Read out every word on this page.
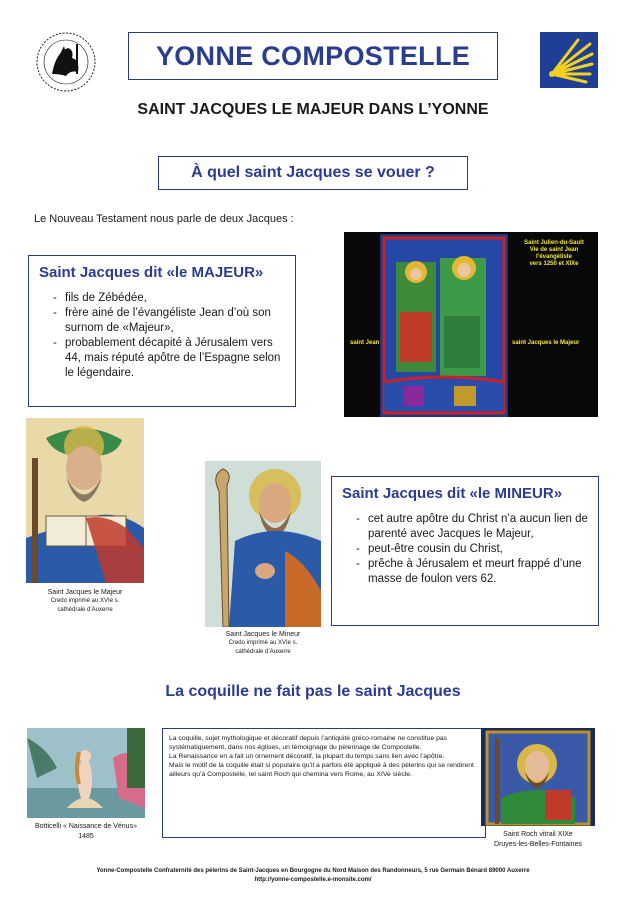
YONNE COMPOSTELLE
SAINT JACQUES LE MAJEUR DANS L’YONNE
À quel saint Jacques se vouer ?
Le Nouveau Testament nous parle de deux Jacques :
Saint Jacques dit «le MAJEUR»
- fils de Zébédée,
- frère ainé de l’évangéliste Jean d’où son surnom de «Majeur»,
- probablement décapité à Jérusalem vers 44, mais réputé apôtre de l’Espagne selon le légendaire.
Saint Julien-du-Sault
Vie de saint Jean l’évangéliste
vers 1250 et XIXe
saint Jean	saint Jacques le Majeur
Saint Jacques le Majeur
Credo imprimé au XVIe s.
cathédrale d’Auxerre
Saint Jacques le Mineur
Credo imprimé au XVIe s.
cathédrale d’Auxerre
Saint Jacques dit «le MINEUR»
- cet autre apôtre du Christ n’a aucun lien de parenté avec Jacques le Majeur,
- peut-être cousin du Christ,
- prêche à Jérusalem et meurt frappé d’une masse de foulon vers 62.
La coquille ne fait pas le saint Jacques
Botticelli « Naissance de Vénus»
1485

La coquille, sujet mythologique et décoratif depuis l’antiquité gréco-romaine ne constitue pas systématiquement, dans nos églises, un témoignage du pèlerinage de Compostelle.

La Renaissance en a fait un ornement décoratif, la plupart du temps sans lien avec l’apôtre.

Mais le motif de la coquille était si populaire qu’il a parfois été appliqué à des pèlerins qui se rendirent ailleurs qu’à Compostelle, tel saint Roch qui chemina vers Rome, au XIVe siècle.

Saint Roch vitrail XIXe
Druyes-les-Belles-Fontaines
Yonne-Compostelle Confraternité des pèlerins de Saint-Jacques en Bourgogne du Nord Maison des Randonneurs, 5 rue Germain Bénard 89000 Auxerre
http://yonne-compostelle.e-monsite.com/
